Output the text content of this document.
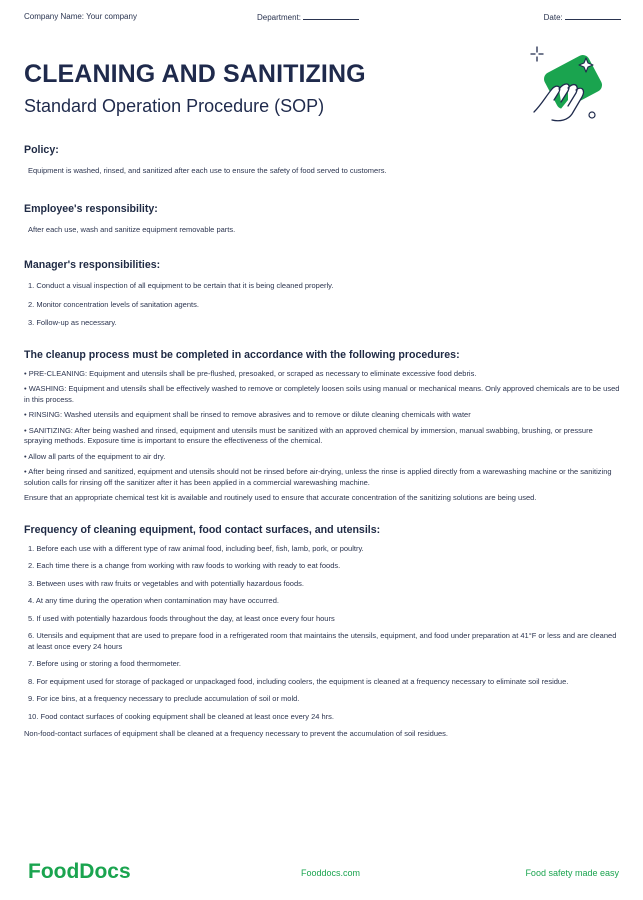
Company Name: Your company	Department:	Date:
CLEANING AND SANITIZING
Standard Operation Procedure (SOP)
Policy:
Equipment is washed, rinsed, and sanitized after each use to ensure the safety of food served to customers.
Employee's responsibility:
After each use, wash and sanitize equipment removable parts.
Manager's responsibilities:
1. Conduct a visual inspection of all equipment to be certain that it is being cleaned properly.
2. Monitor concentration levels of sanitation agents.
3. Follow-up as necessary.
The cleanup process must be completed in accordance with the following procedures:
• PRE-CLEANING: Equipment and utensils shall be pre-flushed, presoaked, or scraped as necessary to eliminate excessive food debris.
• WASHING: Equipment and utensils shall be effectively washed to remove or completely loosen soils using manual or mechanical means. Only approved chemicals are to be used in this process.
• RINSING: Washed utensils and equipment shall be rinsed to remove abrasives and to remove or dilute cleaning chemicals with water
• SANITIZING: After being washed and rinsed, equipment and utensils must be sanitized with an approved chemical by immersion, manual swabbing, brushing, or pressure spraying methods. Exposure time is important to ensure the effectiveness of the chemical.
• Allow all parts of the equipment to air dry.
• After being rinsed and sanitized, equipment and utensils should not be rinsed before air-drying, unless the rinse is applied directly from a warewashing machine or the sanitizing solution calls for rinsing off the sanitizer after it has been applied in a commercial warewashing machine.
Ensure that an appropriate chemical test kit is available and routinely used to ensure that accurate concentration of the sanitizing solutions are being used.
Frequency of cleaning equipment, food contact surfaces, and utensils:
1. Before each use with a different type of raw animal food, including beef, fish, lamb, pork, or poultry.
2. Each time there is a change from working with raw foods to working with ready to eat foods.
3. Between uses with raw fruits or vegetables and with potentially hazardous foods.
4. At any time during the operation when contamination may have occurred.
5. If used with potentially hazardous foods throughout the day, at least once every four hours
6. Utensils and equipment that are used to prepare food in a refrigerated room that maintains the utensils, equipment, and food under preparation at 41°F or less and are cleaned at least once every 24 hours
7. Before using or storing a food thermometer.
8. For equipment used for storage of packaged or unpackaged food, including coolers, the equipment is cleaned at a frequency necessary to eliminate soil residue.
9. For ice bins, at a frequency necessary to preclude accumulation of soil or mold.
10. Food contact surfaces of cooking equipment shall be cleaned at least once every 24 hrs.
Non-food-contact surfaces of equipment shall be cleaned at a frequency necessary to prevent the accumulation of soil residues.
FoodDocs	Fooddocs.com	Food safety made easy
